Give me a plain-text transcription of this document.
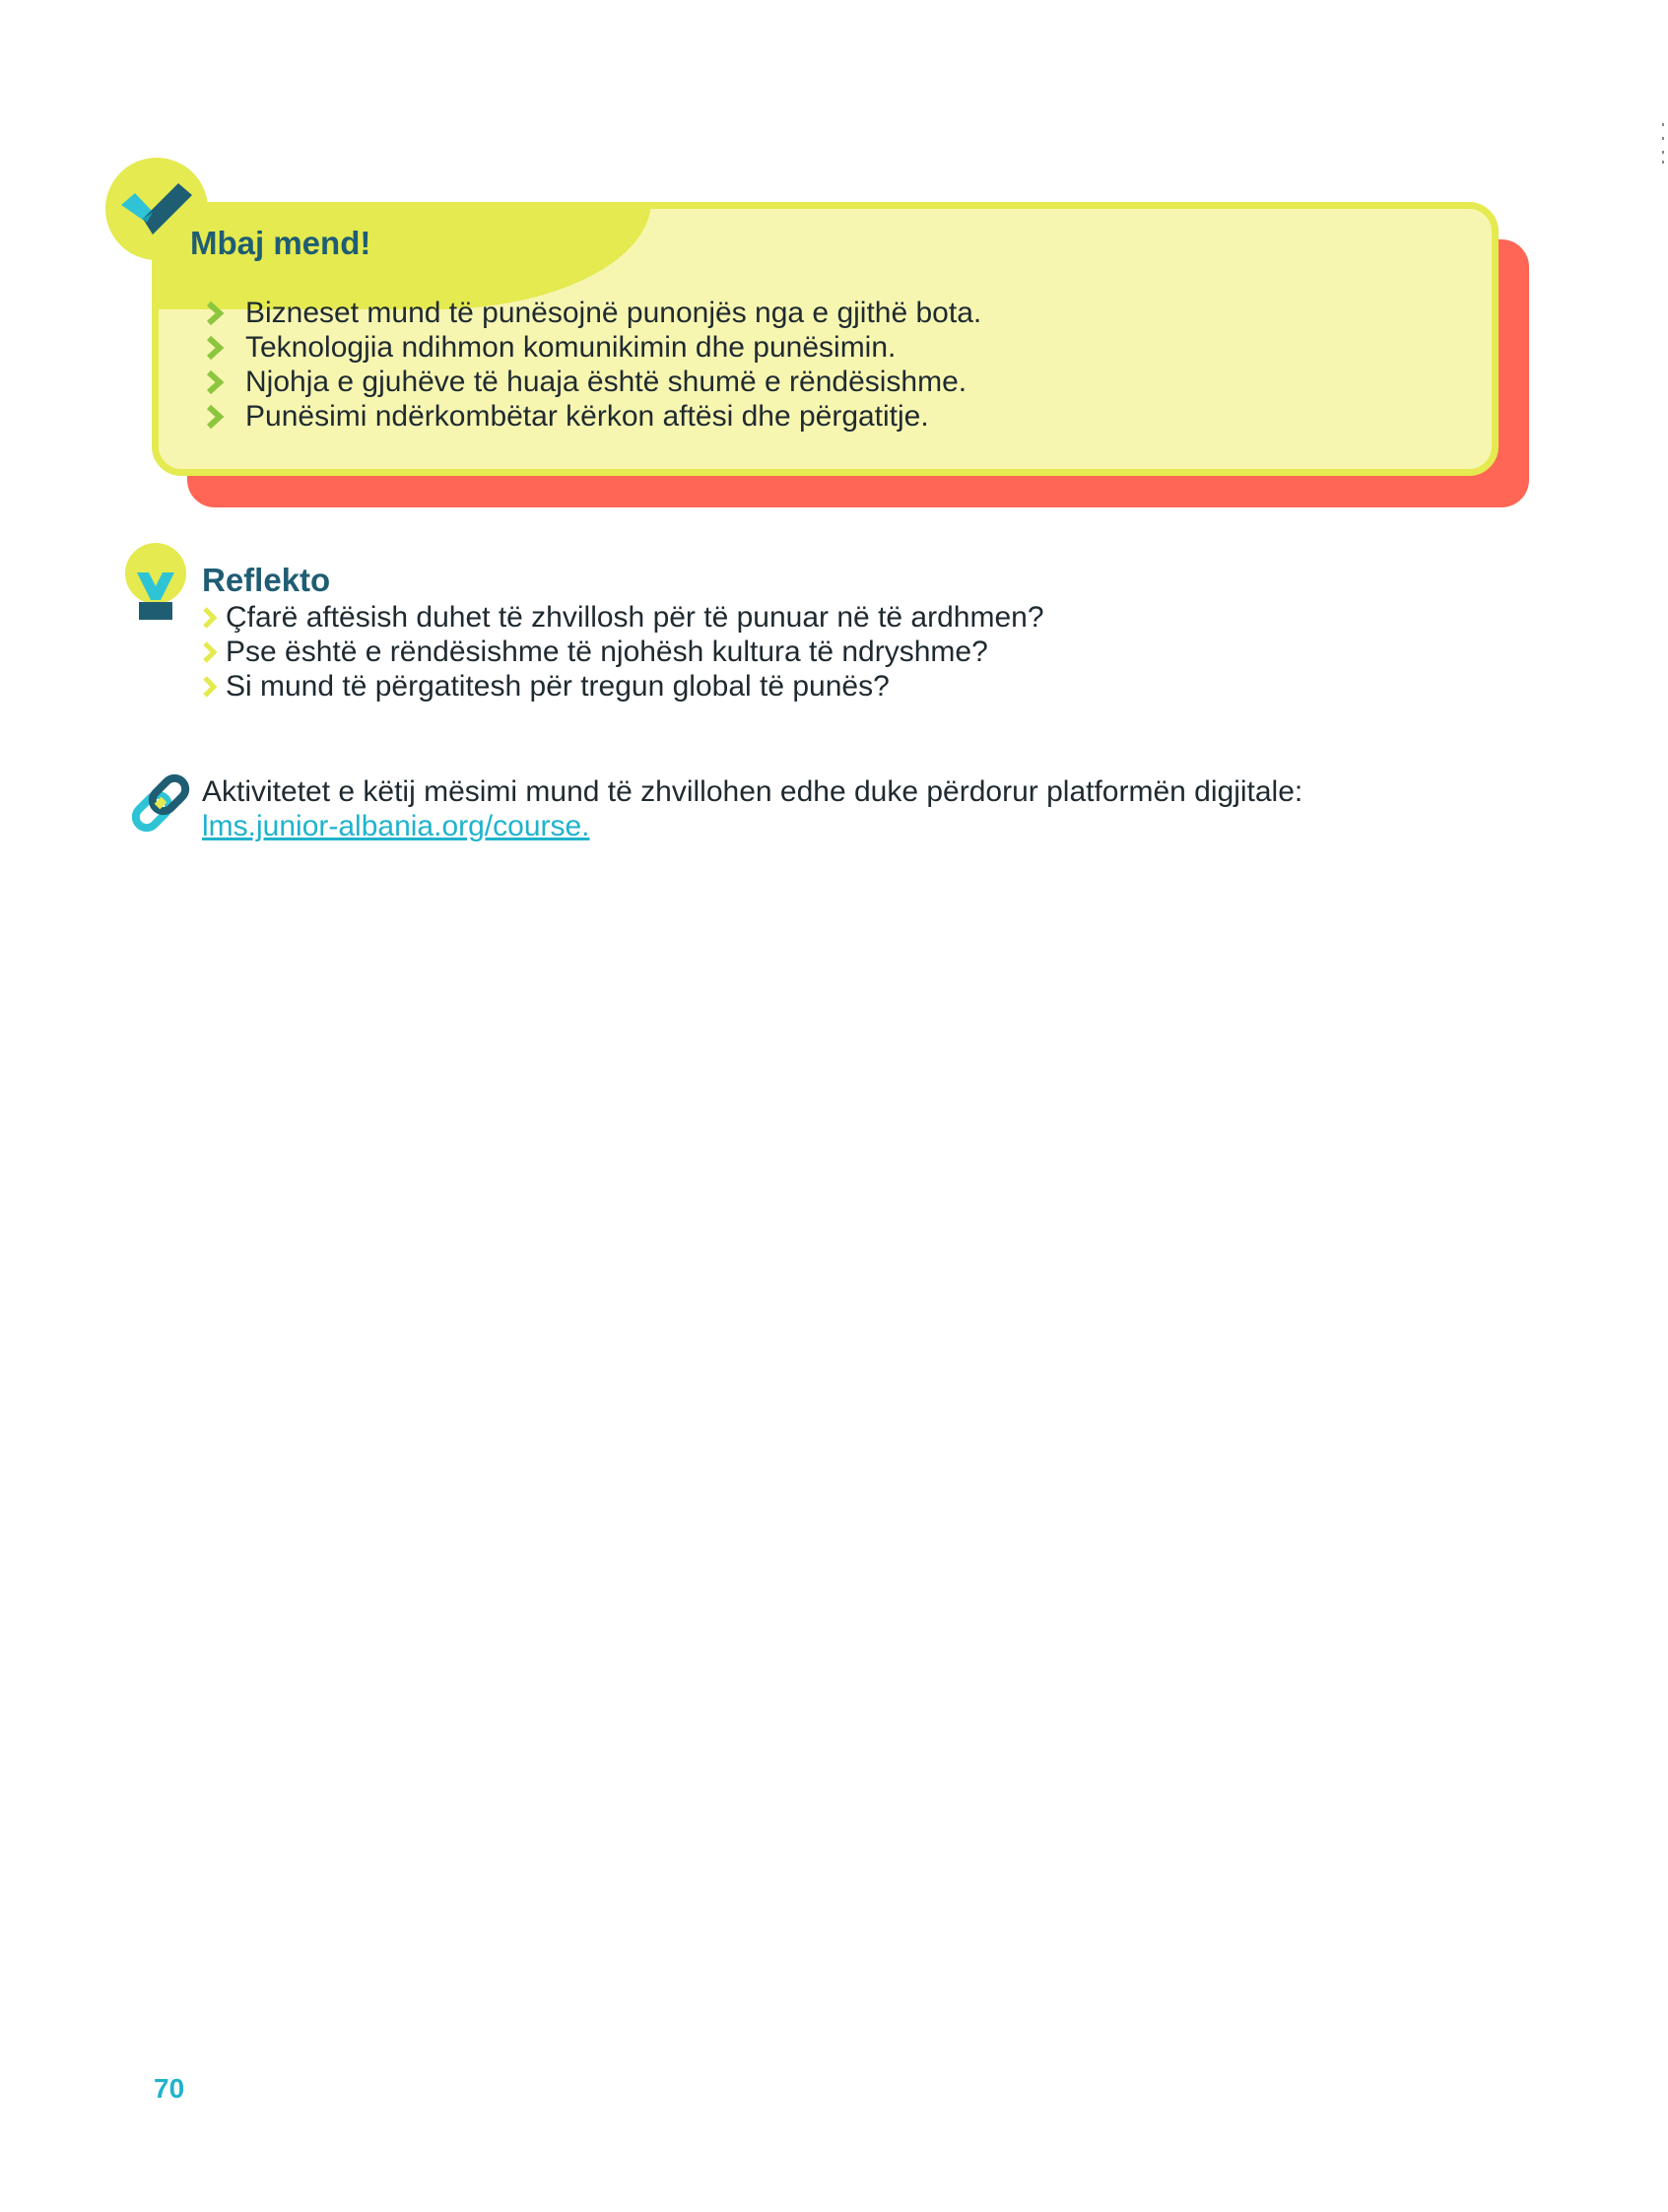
Mbaj mend!
Bizneset mund të punësojnë punonjës nga e gjithë bota.
Teknologjia ndihmon komunikimin dhe punësimin.
Njohja e gjuhëve të huaja është shumë e rëndësishme.
Punësimi ndërkombëtar kërkon aftësi dhe përgatitje.
Reflekto
Çfarë aftësish duhet të zhvillosh për të punuar në të ardhmen?
Pse është e rëndësishme të njohësh kultura të ndryshme?
Si mund të përgatitesh për tregun global të punës?
Aktivitetet e këtij mësimi mund të zhvillohen edhe duke përdorur platformën digjitale:
lms.junior-albania.org/course.
70
